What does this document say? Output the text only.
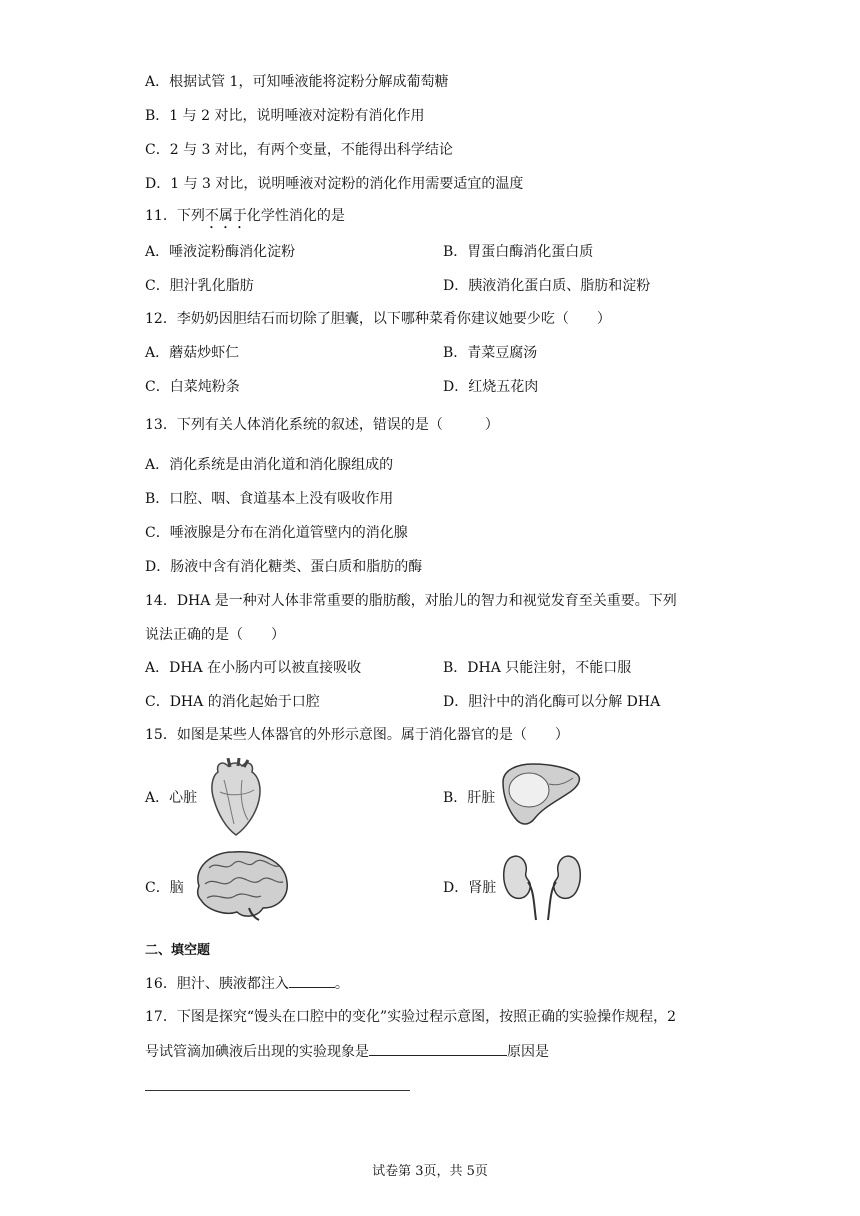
A．根据试管 1，可知唾液能将淀粉分解成葡萄糖
B．1 与 2 对比，说明唾液对淀粉有消化作用
C．2 与 3 对比，有两个变量，不能得出科学结论
D．1 与 3 对比，说明唾液对淀粉的消化作用需要适宜的温度
11．下列不属于化学性消化的是
A．唾液淀粉酶消化淀粉	B．胃蛋白酶消化蛋白质
C．胆汁乳化脂肪	D．胰液消化蛋白质、脂肪和淀粉
12．李奶奶因胆结石而切除了胆囊，以下哪种菜肴你建议她要少吃（　　）
A．蘑菇炒虾仁	B．青菜豆腐汤
C．白菜炖粉条	D．红烧五花肉
13．下列有关人体消化系统的叙述，错误的是（　　　）
A．消化系统是由消化道和消化腺组成的
B．口腔、咽、食道基本上没有吸收作用
C．唾液腺是分布在消化道管壁内的消化腺
D．肠液中含有消化糖类、蛋白质和脂肪的酶
14．DHA 是一种对人体非常重要的脂肪酸，对胎儿的智力和视觉发育至关重要。下列
说法正确的是（　　）
A．DHA 在小肠内可以被直接吸收	B．DHA 只能注射，不能口服
C．DHA 的消化起始于口腔	D．胆汁中的消化酶可以分解 DHA
15．如图是某些人体器官的外形示意图。属于消化器官的是（　　）
A．心脏	B．肝脏
C．脑	D．肾脏
二、填空题
16．胆汁、胰液都注入	。
17．下图是探究“馒头在口腔中的变化”实验过程示意图，按照正确的实验操作规程，2
号试管滴加碘液后出现的实验现象是	原因是
试卷第 3页，共 5页
